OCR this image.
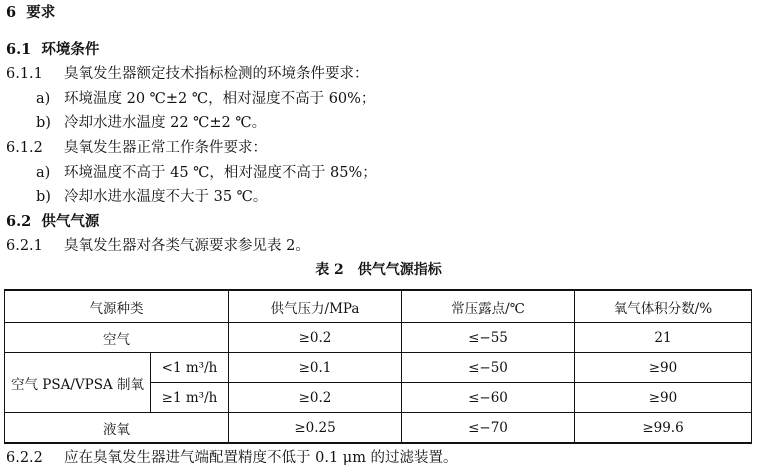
6 要求
6.1 环境条件
6.1.1 臭氧发生器额定技术指标检测的环境条件要求：
a) 环境温度 20 ℃±2 ℃，相对湿度不高于 60%；
b) 冷却水进水温度 22 ℃±2 ℃。
6.1.2 臭氧发生器正常工作条件要求：
a) 环境温度不高于 45 ℃，相对湿度不高于 85%；
b) 冷却水进水温度不大于 35 ℃。
6.2 供气气源
6.2.1 臭氧发生器对各类气源要求参见表 2。
表 2　供气气源指标
气源种类		供气压力/MPa	常压露点/℃	氧气体积分数/%
空气		≥0.2	≤−55	21
空气 PSA/VPSA 制氧	<1 m³/h	≥0.1	≤−50	≥90
	≥1 m³/h	≥0.2	≤−60	≥90
液氧		≥0.25	≤−70	≥99.6
6.2.2 应在臭氧发生器进气端配置精度不低于 0.1 μm 的过滤装置。
